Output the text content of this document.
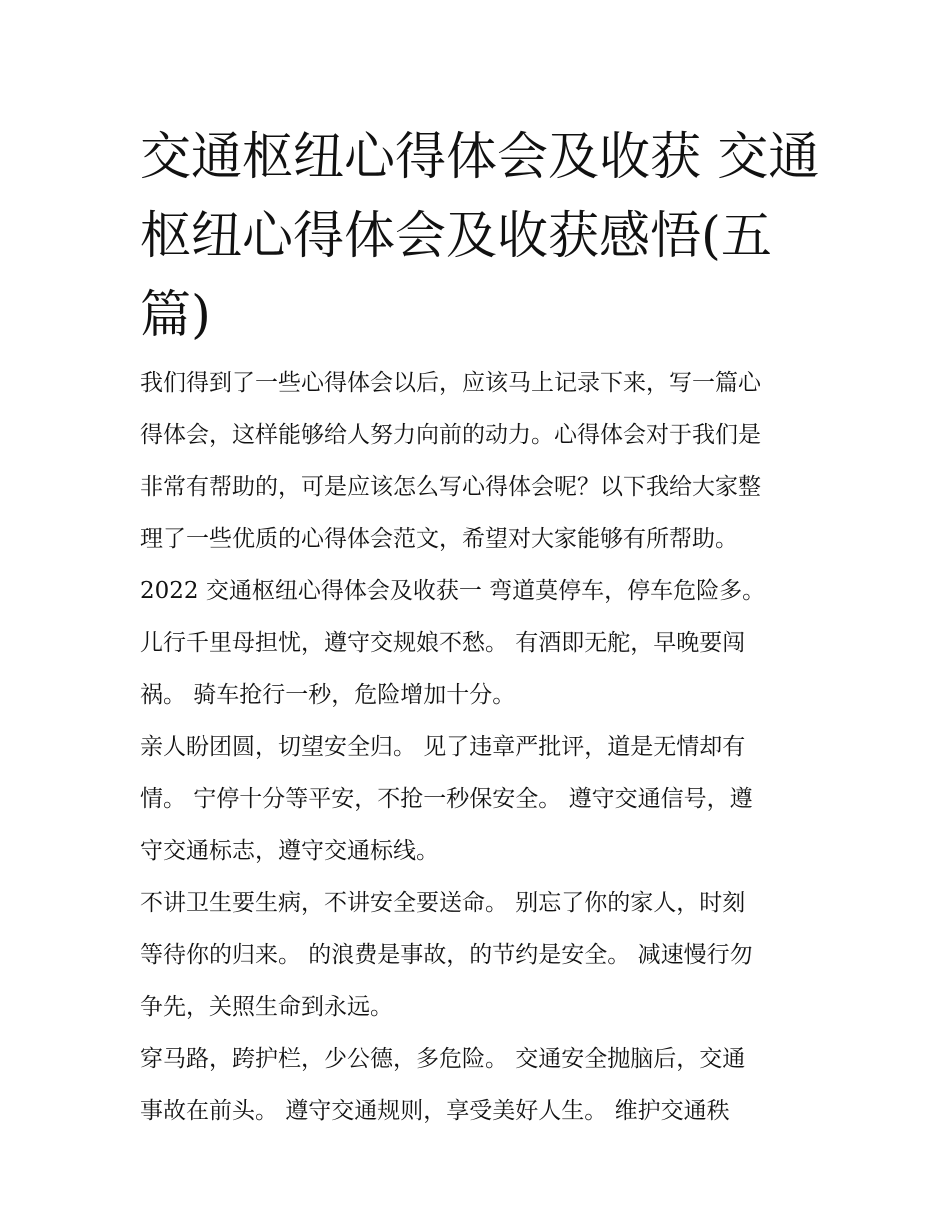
交通枢纽心得体会及收获 交通
枢纽心得体会及收获感悟(五
篇)
我们得到了一些心得体会以后，应该马上记录下来，写一篇心
得体会，这样能够给人努力向前的动力。心得体会对于我们是
非常有帮助的，可是应该怎么写心得体会呢？以下我给大家整
理了一些优质的心得体会范文，希望对大家能够有所帮助。
2022 交通枢纽心得体会及收获一 弯道莫停车，停车危险多。
儿行千里母担忧，遵守交规娘不愁。 有酒即无舵，早晚要闯
祸。 骑车抢行一秒，危险增加十分。
亲人盼团圆，切望安全归。 见了违章严批评，道是无情却有
情。 宁停十分等平安，不抢一秒保安全。 遵守交通信号，遵
守交通标志，遵守交通标线。
不讲卫生要生病，不讲安全要送命。 别忘了你的家人，时刻
等待你的归来。 的浪费是事故，的节约是安全。 减速慢行勿
争先，关照生命到永远。
穿马路，跨护栏，少公德，多危险。 交通安全抛脑后，交通
事故在前头。 遵守交通规则，享受美好人生。 维护交通秩
